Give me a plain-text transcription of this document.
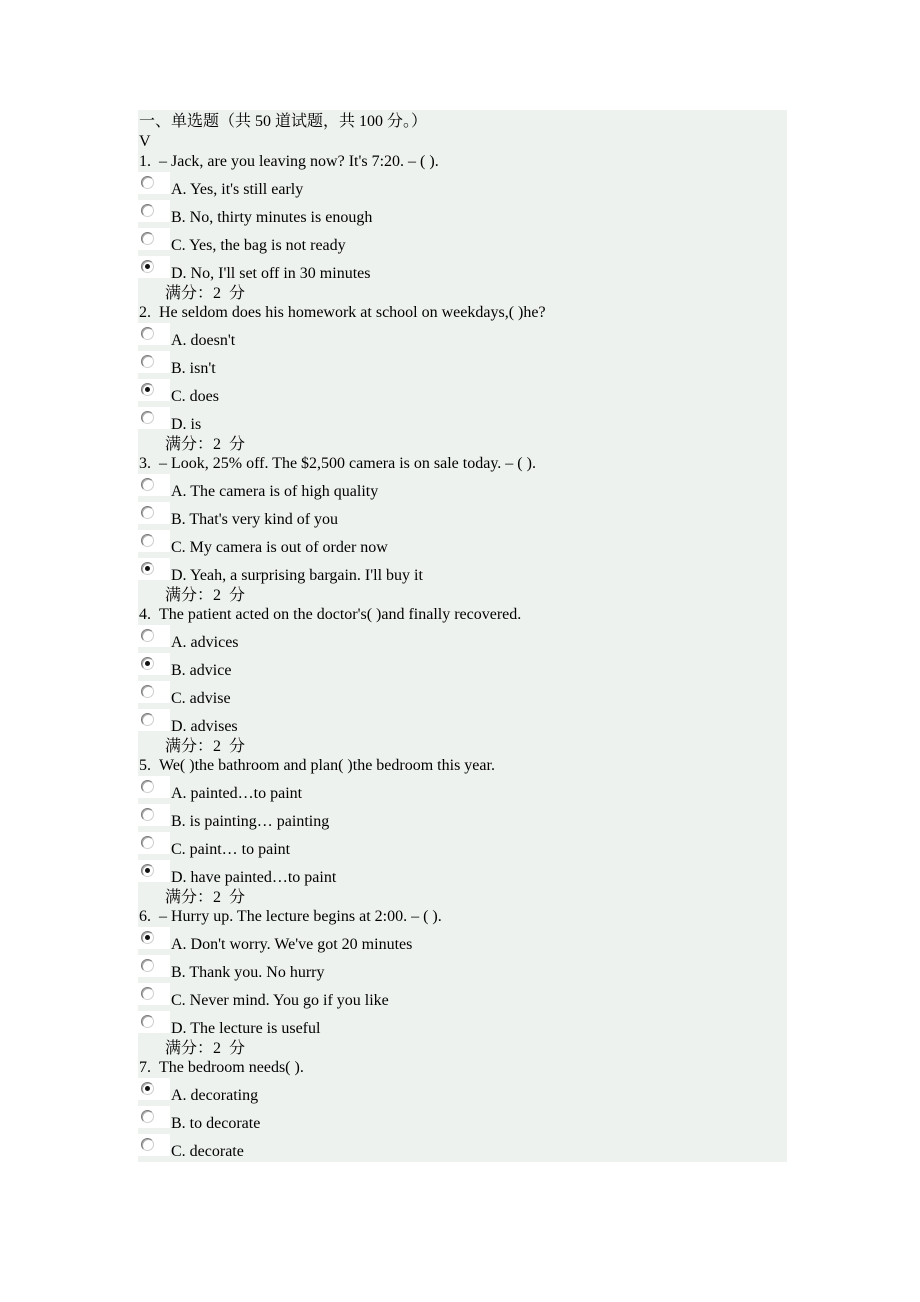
一、单选题（共 50 道试题，共 100 分。）
V
1. – Jack, are you leaving now? It's 7:20. – ( ).
A. Yes, it's still early
B. No, thirty minutes is enough
C. Yes, the bag is not ready
D. No, I'll set off in 30 minutes
满分：2  分
2. He seldom does his homework at school on weekdays,( )he?
A. doesn't
B. isn't
C. does
D. is
满分：2  分
3. – Look, 25% off. The $2,500 camera is on sale today. – ( ).
A. The camera is of high quality
B. That's very kind of you
C. My camera is out of order now
D. Yeah, a surprising bargain. I'll buy it
满分：2  分
4. The patient acted on the doctor's( )and finally recovered.
A. advices
B. advice
C. advise
D. advises
满分：2  分
5. We( )the bathroom and plan( )the bedroom this year.
A. painted…to paint
B. is painting… painting
C. paint… to paint
D. have painted…to paint
满分：2  分
6. – Hurry up. The lecture begins at 2:00. – ( ).
A. Don't worry. We've got 20 minutes
B. Thank you. No hurry
C. Never mind. You go if you like
D. The lecture is useful
满分：2  分
7. The bedroom needs( ).
A. decorating
B. to decorate
C. decorate
